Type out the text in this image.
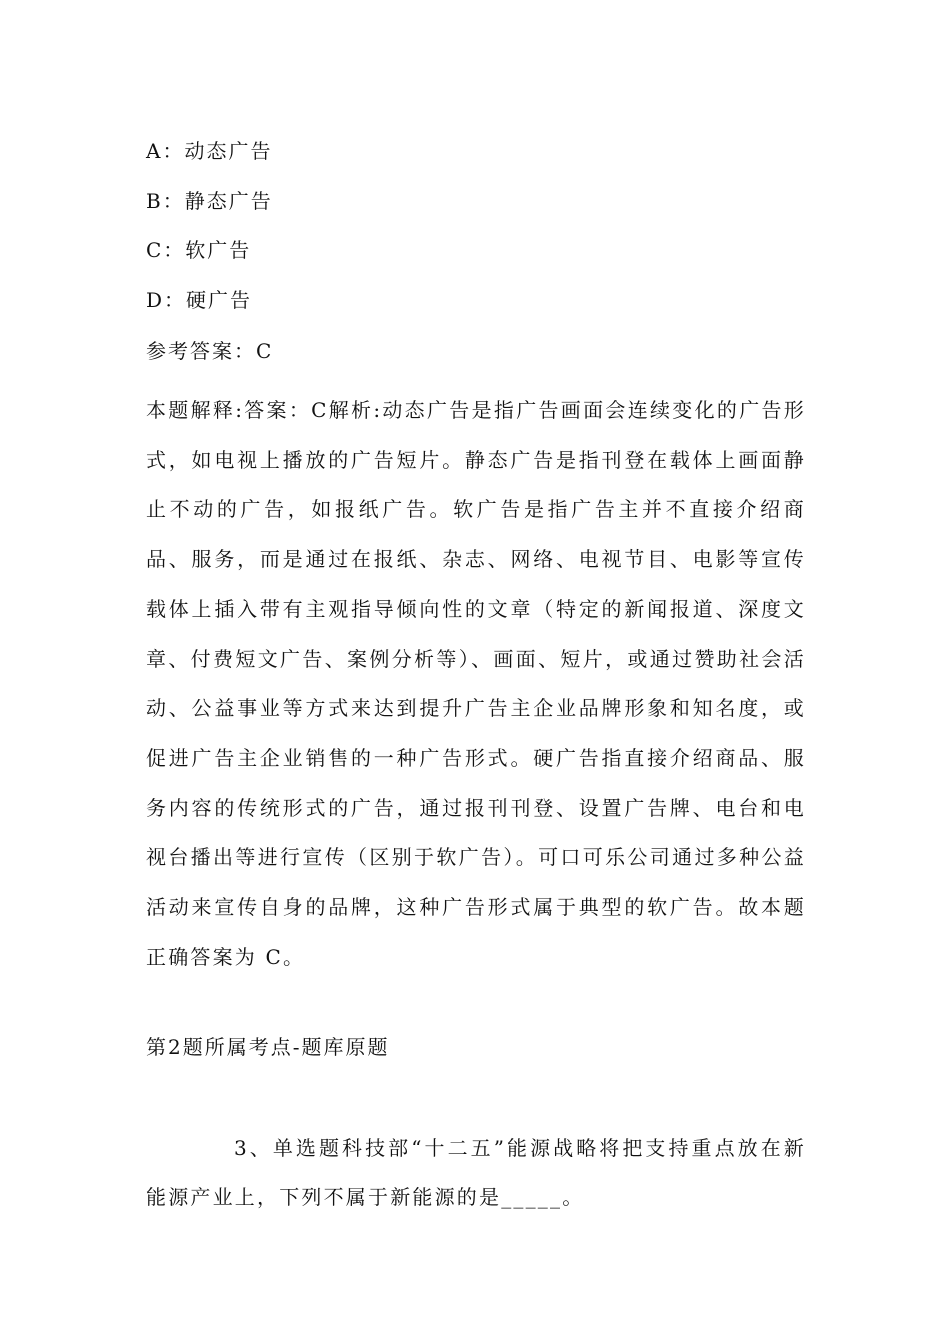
A：动态广告
B：静态广告
C：软广告
D：硬广告
参考答案：C
本题解释:答案：C解析:动态广告是指广告画面会连续变化的广告形式，如电视上播放的广告短片。静态广告是指刊登在载体上画面静止不动的广告，如报纸广告。软广告是指广告主并不直接介绍商品、服务，而是通过在报纸、杂志、网络、电视节目、电影等宣传载体上插入带有主观指导倾向性的文章（特定的新闻报道、深度文章、付费短文广告、案例分析等）、画面、短片，或通过赞助社会活动、公益事业等方式来达到提升广告主企业品牌形象和知名度，或促进广告主企业销售的一种广告形式。硬广告指直接介绍商品、服务内容的传统形式的广告，通过报刊刊登、设置广告牌、电台和电视台播出等进行宣传（区别于软广告）。可口可乐公司通过多种公益活动来宣传自身的品牌，这种广告形式属于典型的软广告。故本题正确答案为 C。
第2题所属考点-题库原题
3、单选题科技部“十二五”能源战略将把支持重点放在新能源产业上，下列不属于新能源的是_____。
